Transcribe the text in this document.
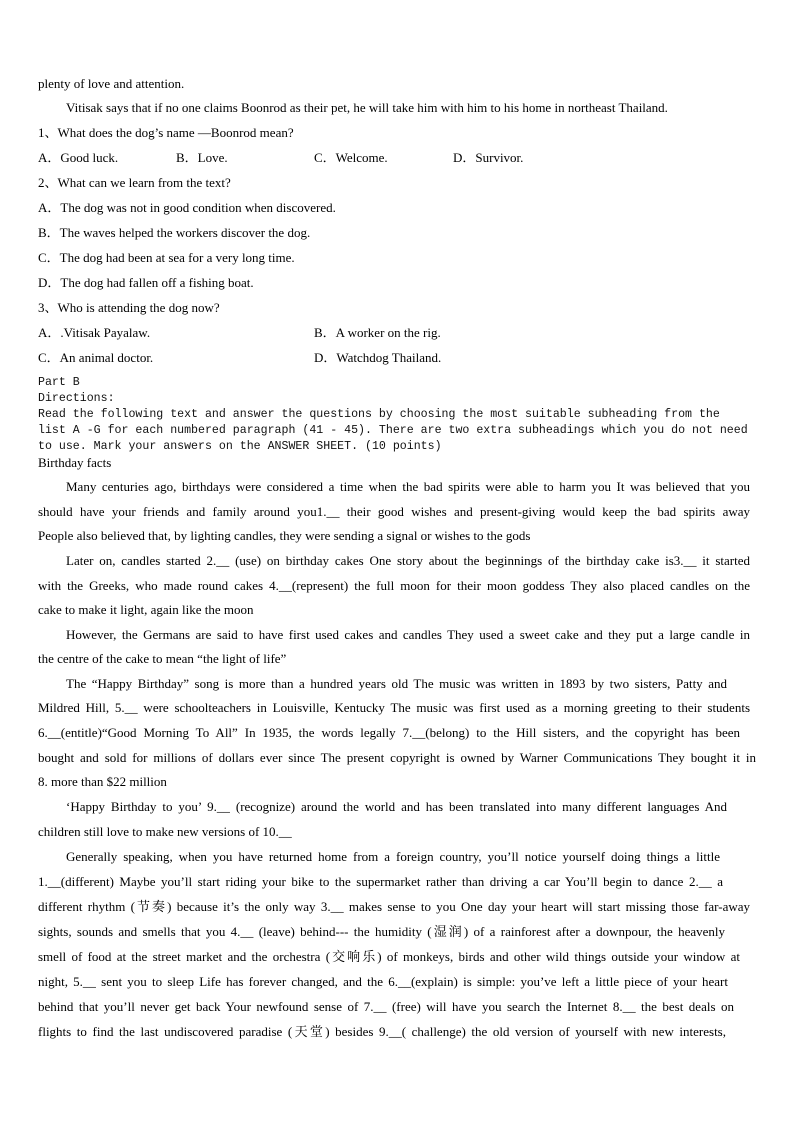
plenty of love and attention.
Vitisak says that if no one claims Boonrod as their pet, he will take him with him to his home in northeast Thailand.
1、What does the dog’s name —Boonrod mean?
A．Good luck.	B．Love.	C．Welcome.	D．Survivor.
2、What can we learn from the text?
A．The dog was not in good condition when discovered.
B．The waves helped the workers discover the dog.
C．The dog had been at sea for a very long time.
D．The dog had fallen off a fishing boat.
3、Who is attending the dog now?
A．.Vitisak Payalaw.	B．A worker on the rig.
C．An animal doctor.	D．Watchdog Thailand.
Part B
Directions:
Read the following text and answer the questions by choosing the most suitable subheading from the
list A -G for each numbered paragraph (41 - 45). There are two extra subheadings which you do not need
to use. Mark your answers on the ANSWER SHEET. (10 points)
Birthday facts
Many centuries ago, birthdays were considered a time when the bad spirits were able to harm you It was believed that you
should have your friends and family around you1.__ their good wishes and present-giving would keep the bad spirits away
People also believed that, by lighting candles, they were sending a signal or wishes to the gods
Later on, candles started 2.__ (use) on birthday cakes One story about the beginnings of the birthday cake is3.__ it started
with the Greeks, who made round cakes 4.__(represent) the full moon for their moon goddess They also placed candles on the
cake to make it light, again like the moon
However, the Germans are said to have first used cakes and candles They used a sweet cake and they put a large candle in
the centre of the cake to mean “the light of life”
The “Happy Birthday” song is more than a hundred years old The music was written in 1893 by two sisters, Patty and
Mildred Hill, 5.__ were schoolteachers in Louisville, Kentucky The music was first used as a morning greeting to their students
6.__(entitle)“Good Morning To All” In 1935, the words legally 7.__(belong) to the Hill sisters, and the copyright has been
bought and sold for millions of dollars ever since The present copyright is owned by Warner Communications They bought it in
8. more than $22 million
‘Happy Birthday to you’ 9.__ (recognize) around the world and has been translated into many different languages And
children still love to make new versions of 10.__
Generally speaking, when you have returned home from a foreign country, you’ll notice yourself doing things a little
1.__(different) Maybe you’ll start riding your bike to the supermarket rather than driving a car You’ll begin to dance 2.__ a
different rhythm (节奏) because it’s the only way 3.__ makes sense to you One day your heart will start missing those far-away
sights, sounds and smells that you 4.__ (leave) behind--- the humidity (湿润) of a rainforest after a downpour, the heavenly
smell of food at the street market and the orchestra (交响乐) of monkeys, birds and other wild things outside your window at
night, 5.__ sent you to sleep Life has forever changed, and the 6.__(explain) is simple: you’ve left a little piece of your heart
behind that you’ll never get back Your newfound sense of 7.__ (free) will have you search the Internet 8.__ the best deals on
flights to find the last undiscovered paradise (天堂) besides 9.__( challenge) the old version of yourself with new interests,
